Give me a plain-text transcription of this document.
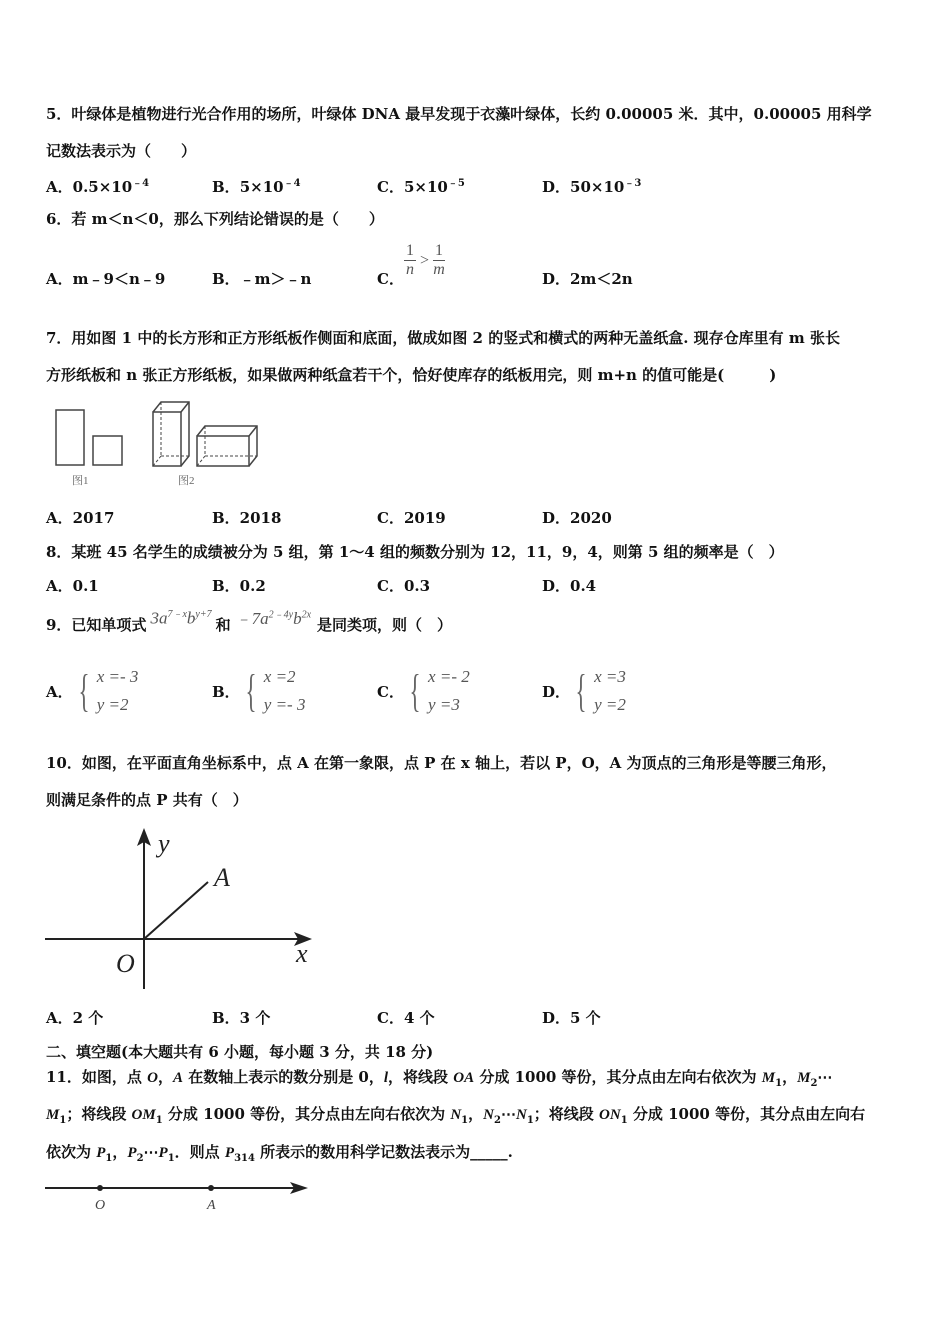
5．叶绿体是植物进行光合作用的场所，叶绿体 DNA 最早发现于衣藻叶绿体，长约 0.00005 米．其中，0.00005 用科学
记数法表示为（　　）
A．$0.5\times 10^{﹣4}$	B．$5\times 10^{﹣4}$	C．$5\times 10^{﹣5}$	D．$50\times 10^{﹣3}$
6．若 m＜n＜0，那么下列结论错误的是（　　）
A．m﹣9＜n﹣9	B．﹣m＞﹣n	C． $\frac{1}{n} > \frac{1}{m}$	D．2m＜2n
7．用如图 1 中的长方形和正方形纸板作侧面和底面，做成如图 2 的竖式和横式的两种无盖纸盒. 现存仓库里有 m 张长
方形纸板和 n 张正方形纸板，如果做两种纸盒若干个，恰好使库存的纸板用完，则 m+n 的值可能是(　　　)
图1	图2
A．2017	B．2018	C．2019	D．2020
8．某班 45 名学生的成绩被分为 5 组，第 1～4 组的频数分别为 12，11，9，4，则第 5 组的频率是（　）
A．0.1	B．0.2	C．0.3	D．0.4
9．已知单项式 $3a^{7﹣x}b^{y+7}$
和 $﹣7a^{2﹣4y}b^{2x}$
是同类项，则（　）
A． { x =- 3
y =2
B． { x =2
y =- 3
C． { x =- 2
y =3
D． { x =3
y =2
10．如图，在平面直角坐标系中，点 A 在第一象限，点 P 在 x 轴上，若以 P，O，A 为顶点的三角形是等腰三角形，
则满足条件的点 P 共有（　）
y
x
O
A
A．2 个	B．3 个	C．4 个	D．5 个
二、填空题(本大题共有 6 小题，每小题 3 分，共 18 分)
11．如图，点 O，A 在数轴上表示的数分别是 0，l，将线段 OA 分成 1000 等份，其分点由左向右依次为 $M_1$，$M_2\cdots$
$M_1$；将线段 $OM_1$ 分成 1000 等份，其分点由左向右依次为 $N_1$，$N_2\cdots N_1$；将线段 $ON_1$ 分成 1000 等份，其分点由左向右
依次为 $P_1$，$P_2\cdots P_1$．则点 $P_{314}$ 所表示的数用科学记数法表示为_____.
O	A
